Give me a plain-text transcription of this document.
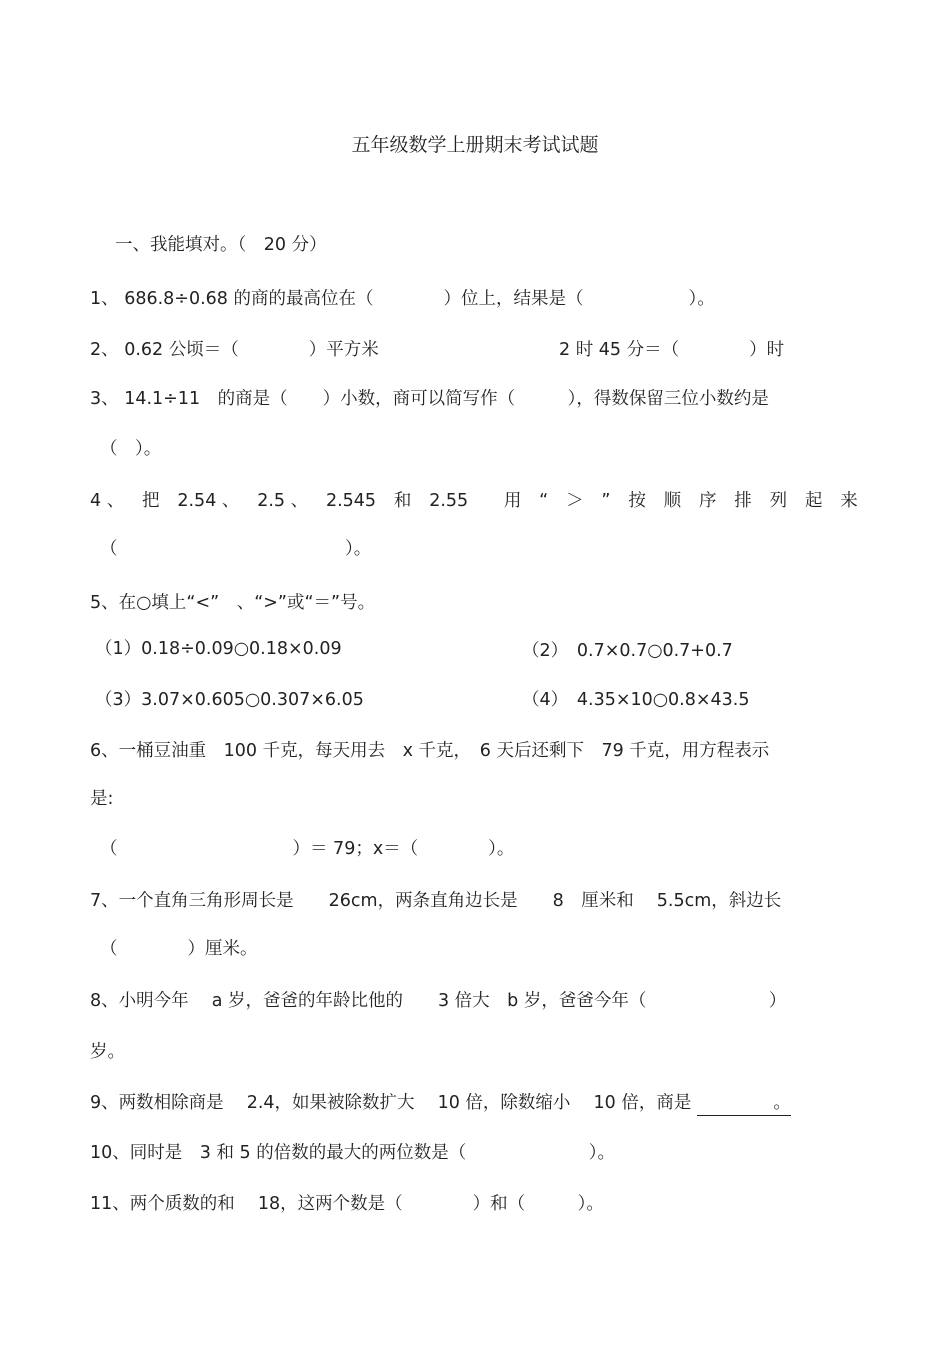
五年级数学上册期末考试试题
一、我能填对。（　20 分）
1、 686.8÷0.68 的商的最高位在（　　　　）位上，结果是（　　　　　　）。
2、 0.62 公顷＝（　　　　）平方米	2 时 45 分＝（　　　　）时
3、 14.1÷11　的商是（　　）小数，商可以简写作（　　　），得数保留三位小数约是
（　）。
4 、 把 2.54 、 2.5 、 2.545 和 2.55 用 “ ＞ ” 按 顺 序 排 列 起 来
（　　　　　　　　　　　　　）。
5、在○填上“<”　、“>”或“＝”号。
（1）0.18÷0.09○0.18×0.09	（2）　0.7×0.7○0.7+0.7
（3）3.07×0.605○0.307×6.05	（4）　4.35×10○0.8×43.5
6、一桶豆油重　100 千克，每天用去　x 千克，　6 天后还剩下　79 千克，用方程表示
是:
（　　　　　　　　　　）＝ 79；x＝（　　　　）。
7、一个直角三角形周长是　　26cm，两条直角边长是　　8　厘米和　 5.5cm，斜边长
（　　　　）厘米。
8、小明今年　 a 岁，爸爸的年龄比他的　　3 倍大　b 岁，爸爸今年（　　　　　　　）
岁。
9、两数相除商是　 2.4，如果被除数扩大　 10 倍，除数缩小　 10 倍，商是	。
10、同时是　3 和 5 的倍数的最大的两位数是（　　　　　　　）。
11、两个质数的和　 18，这两个数是（　　　　）和（　　　）。
